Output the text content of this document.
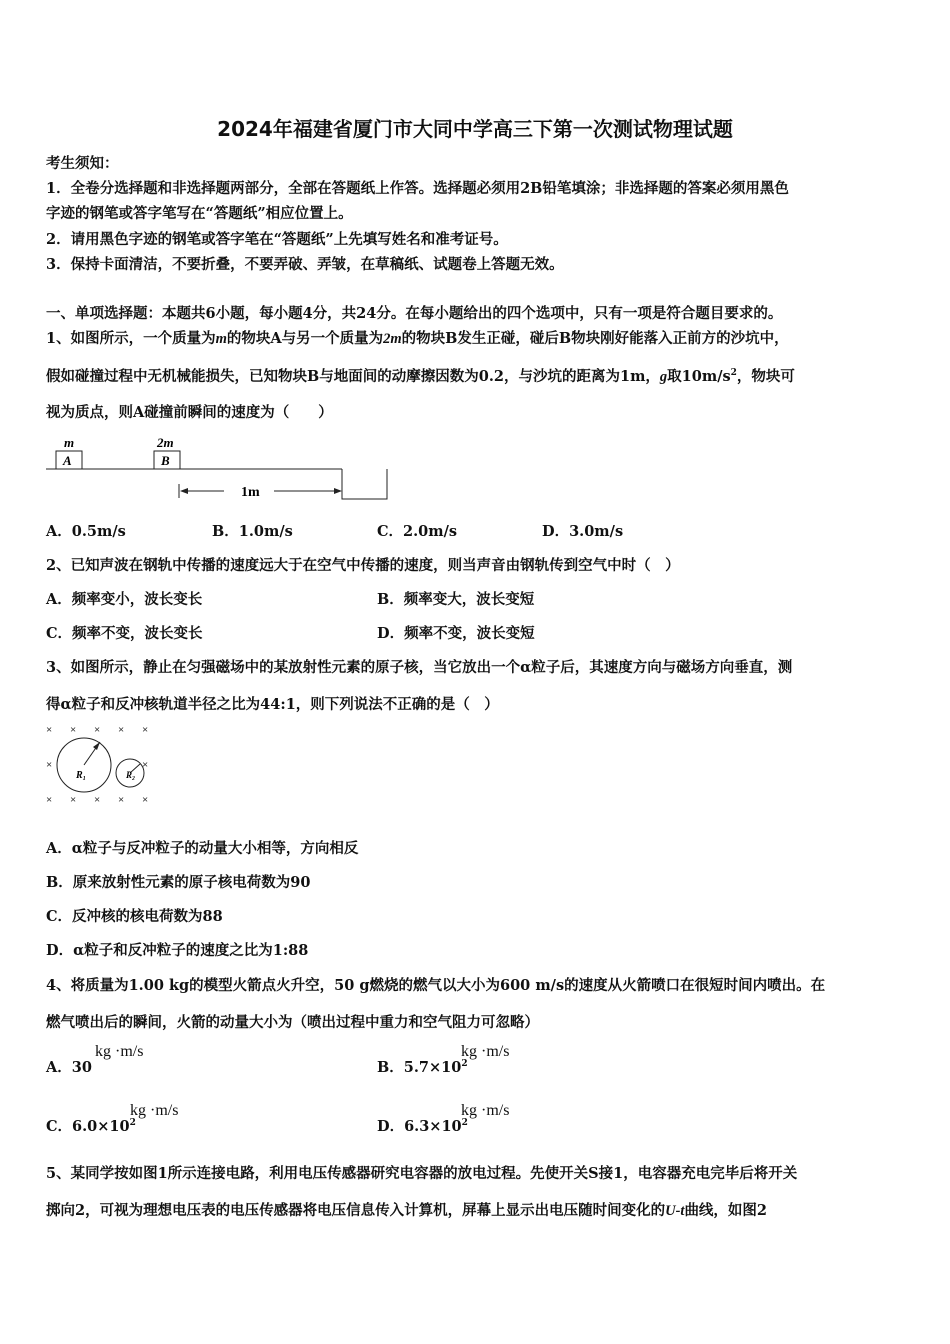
2024年福建省厦门市大同中学高三下第一次测试物理试题
考生须知：
1．全卷分选择题和非选择题两部分，全部在答题纸上作答。选择题必须用2B铅笔填涂；非选择题的答案必须用黑色
字迹的钢笔或答字笔写在“答题纸”相应位置上。
2．请用黑色字迹的钢笔或答字笔在“答题纸”上先填写姓名和准考证号。
3．保持卡面清洁，不要折叠，不要弄破、弄皱，在草稿纸、试题卷上答题无效。
一、单项选择题：本题共6小题，每小题4分，共24分。在每小题给出的四个选项中，只有一项是符合题目要求的。
1、如图所示，一个质量为m的物块A与另一个质量为2m的物块B发生正碰，碰后B物块刚好能落入正前方的沙坑中，
假如碰撞过程中无机械能损失，已知物块B与地面间的动摩擦因数为0.2，与沙坑的距离为1m，g取$10m/s^2$，物块可
视为质点，则A碰撞前瞬间的速度为（　　）
m
A
2m
B
1m
A．0.5m/s	B．1.0m/s	C．2.0m/s	D．3.0m/s
2、已知声波在钢轨中传播的速度远大于在空气中传播的速度，则当声音由钢轨传到空气中时（　）
A．频率变小，波长变长	B．频率变大，波长变短
C．频率不变，波长变长	D．频率不变，波长变短
3、如图所示，静止在匀强磁场中的某放射性元素的原子核，当它放出一个α粒子后，其速度方向与磁场方向垂直，测
得α粒子和反冲核轨道半径之比为44:1，则下列说法不正确的是（　）
× × × × ×
×	×
× × × × ×
R₁	R₂
A．α粒子与反冲粒子的动量大小相等，方向相反
B．原来放射性元素的原子核电荷数为90
C．反冲核的核电荷数为88
D．α粒子和反冲粒子的速度之比为1:88
4、将质量为1.00 kg的模型火箭点火升空，50 g燃烧的燃气以大小为600 m/s的速度从火箭喷口在很短时间内喷出。在
燃气喷出后的瞬间，火箭的动量大小为（喷出过程中重力和空气阻力可忽略）
A．30
kg ·m/s
B．$5.7\times 10^2$
kg ·m/s
C．$6.0\times 10^2$
kg ·m/s
D．$6.3\times 10^2$
kg ·m/s
5、某同学按如图1所示连接电路，利用电压传感器研究电容器的放电过程。先使开关S接1，电容器充电完毕后将开关
掷向2，可视为理想电压表的电压传感器将电压信息传入计算机，屏幕上显示出电压随时间变化的U-t曲线，如图2
